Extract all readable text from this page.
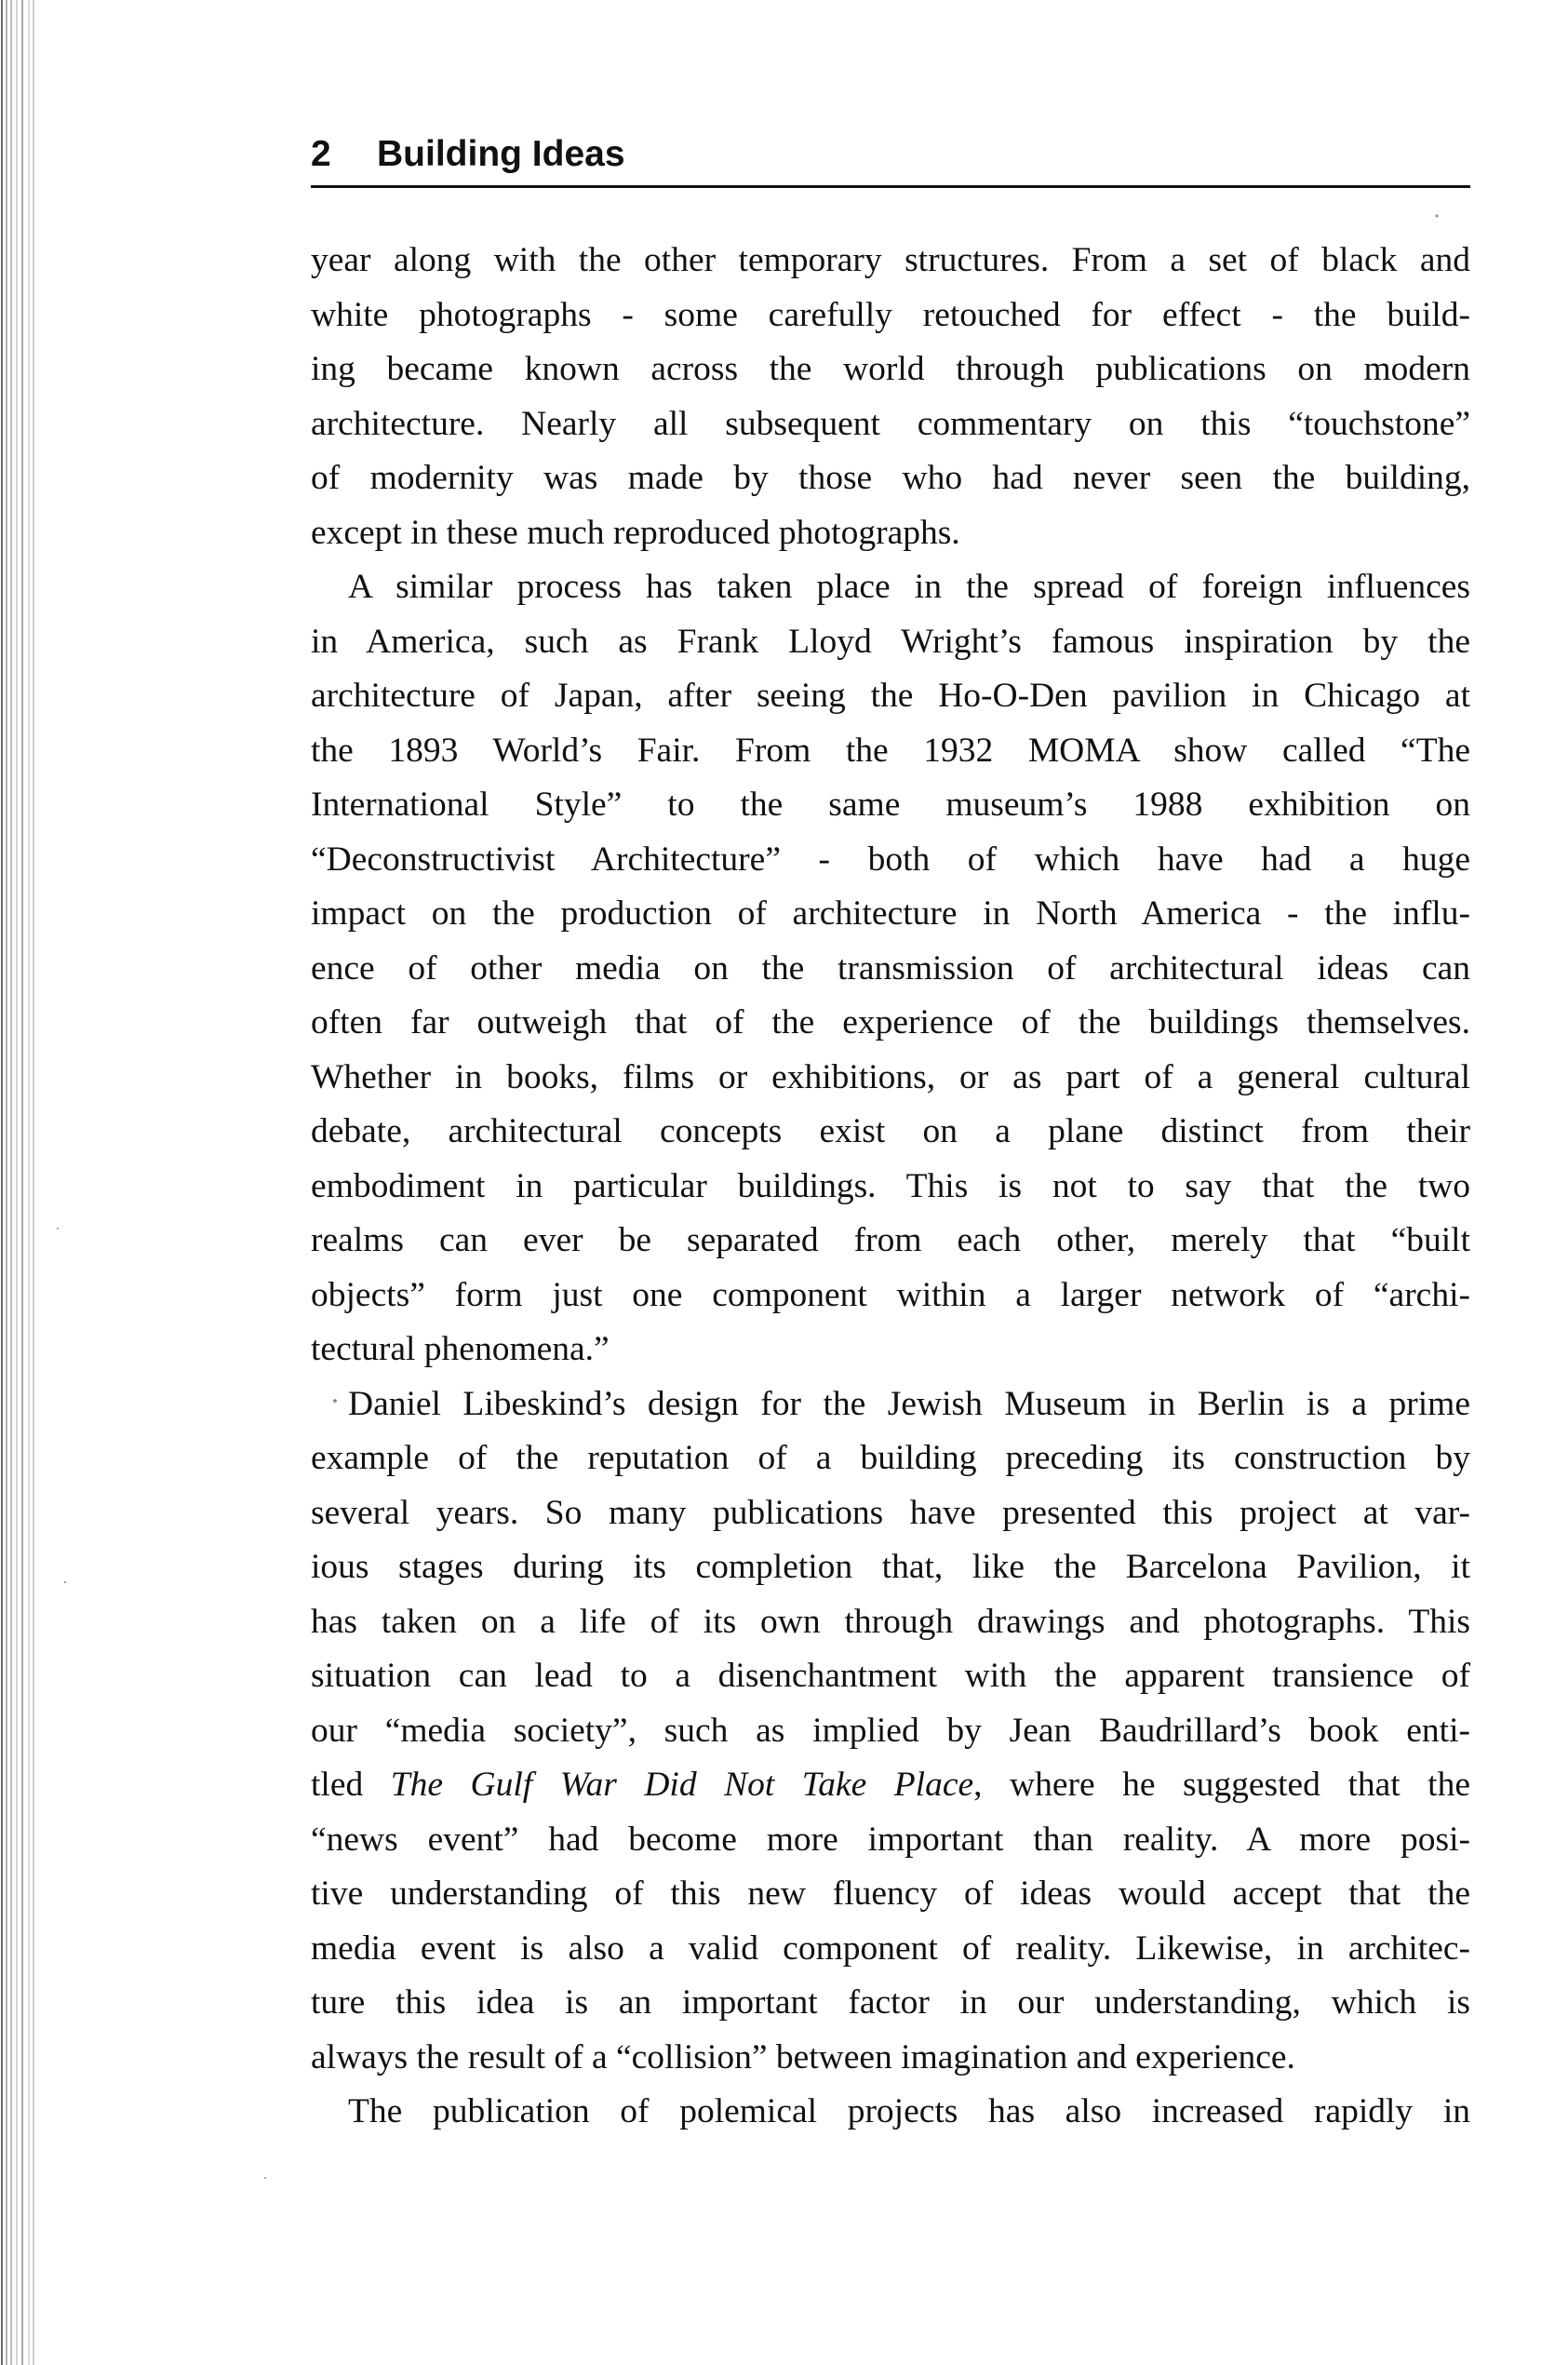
2 Building Ideas
year along with the other temporary structures. From a set of black and
white photographs - some carefully retouched for effect - the build-
ing became known across the world through publications on modern
architecture. Nearly all subsequent commentary on this “touchstone”
of modernity was made by those who had never seen the building,
except in these much reproduced photographs.
A similar process has taken place in the spread of foreign influences
in America, such as Frank Lloyd Wright’s famous inspiration by the
architecture of Japan, after seeing the Ho-O-Den pavilion in Chicago at
the 1893 World’s Fair. From the 1932 MOMA show called “The
International Style” to the same museum’s 1988 exhibition on
“Deconstructivist Architecture” - both of which have had a huge
impact on the production of architecture in North America - the influ-
ence of other media on the transmission of architectural ideas can
often far outweigh that of the experience of the buildings themselves.
Whether in books, films or exhibitions, or as part of a general cultural
debate, architectural concepts exist on a plane distinct from their
embodiment in particular buildings. This is not to say that the two
realms can ever be separated from each other, merely that “built
objects” form just one component within a larger network of “archi-
tectural phenomena.”
Daniel Libeskind’s design for the Jewish Museum in Berlin is a prime
example of the reputation of a building preceding its construction by
several years. So many publications have presented this project at var-
ious stages during its completion that, like the Barcelona Pavilion, it
has taken on a life of its own through drawings and photographs. This
situation can lead to a disenchantment with the apparent transience of
our “media society”, such as implied by Jean Baudrillard’s book enti-
tled The Gulf War Did Not Take Place, where he suggested that the
“news event” had become more important than reality. A more posi-
tive understanding of this new fluency of ideas would accept that the
media event is also a valid component of reality. Likewise, in architec-
ture this idea is an important factor in our understanding, which is
always the result of a “collision” between imagination and experience.
The publication of polemical projects has also increased rapidly in
